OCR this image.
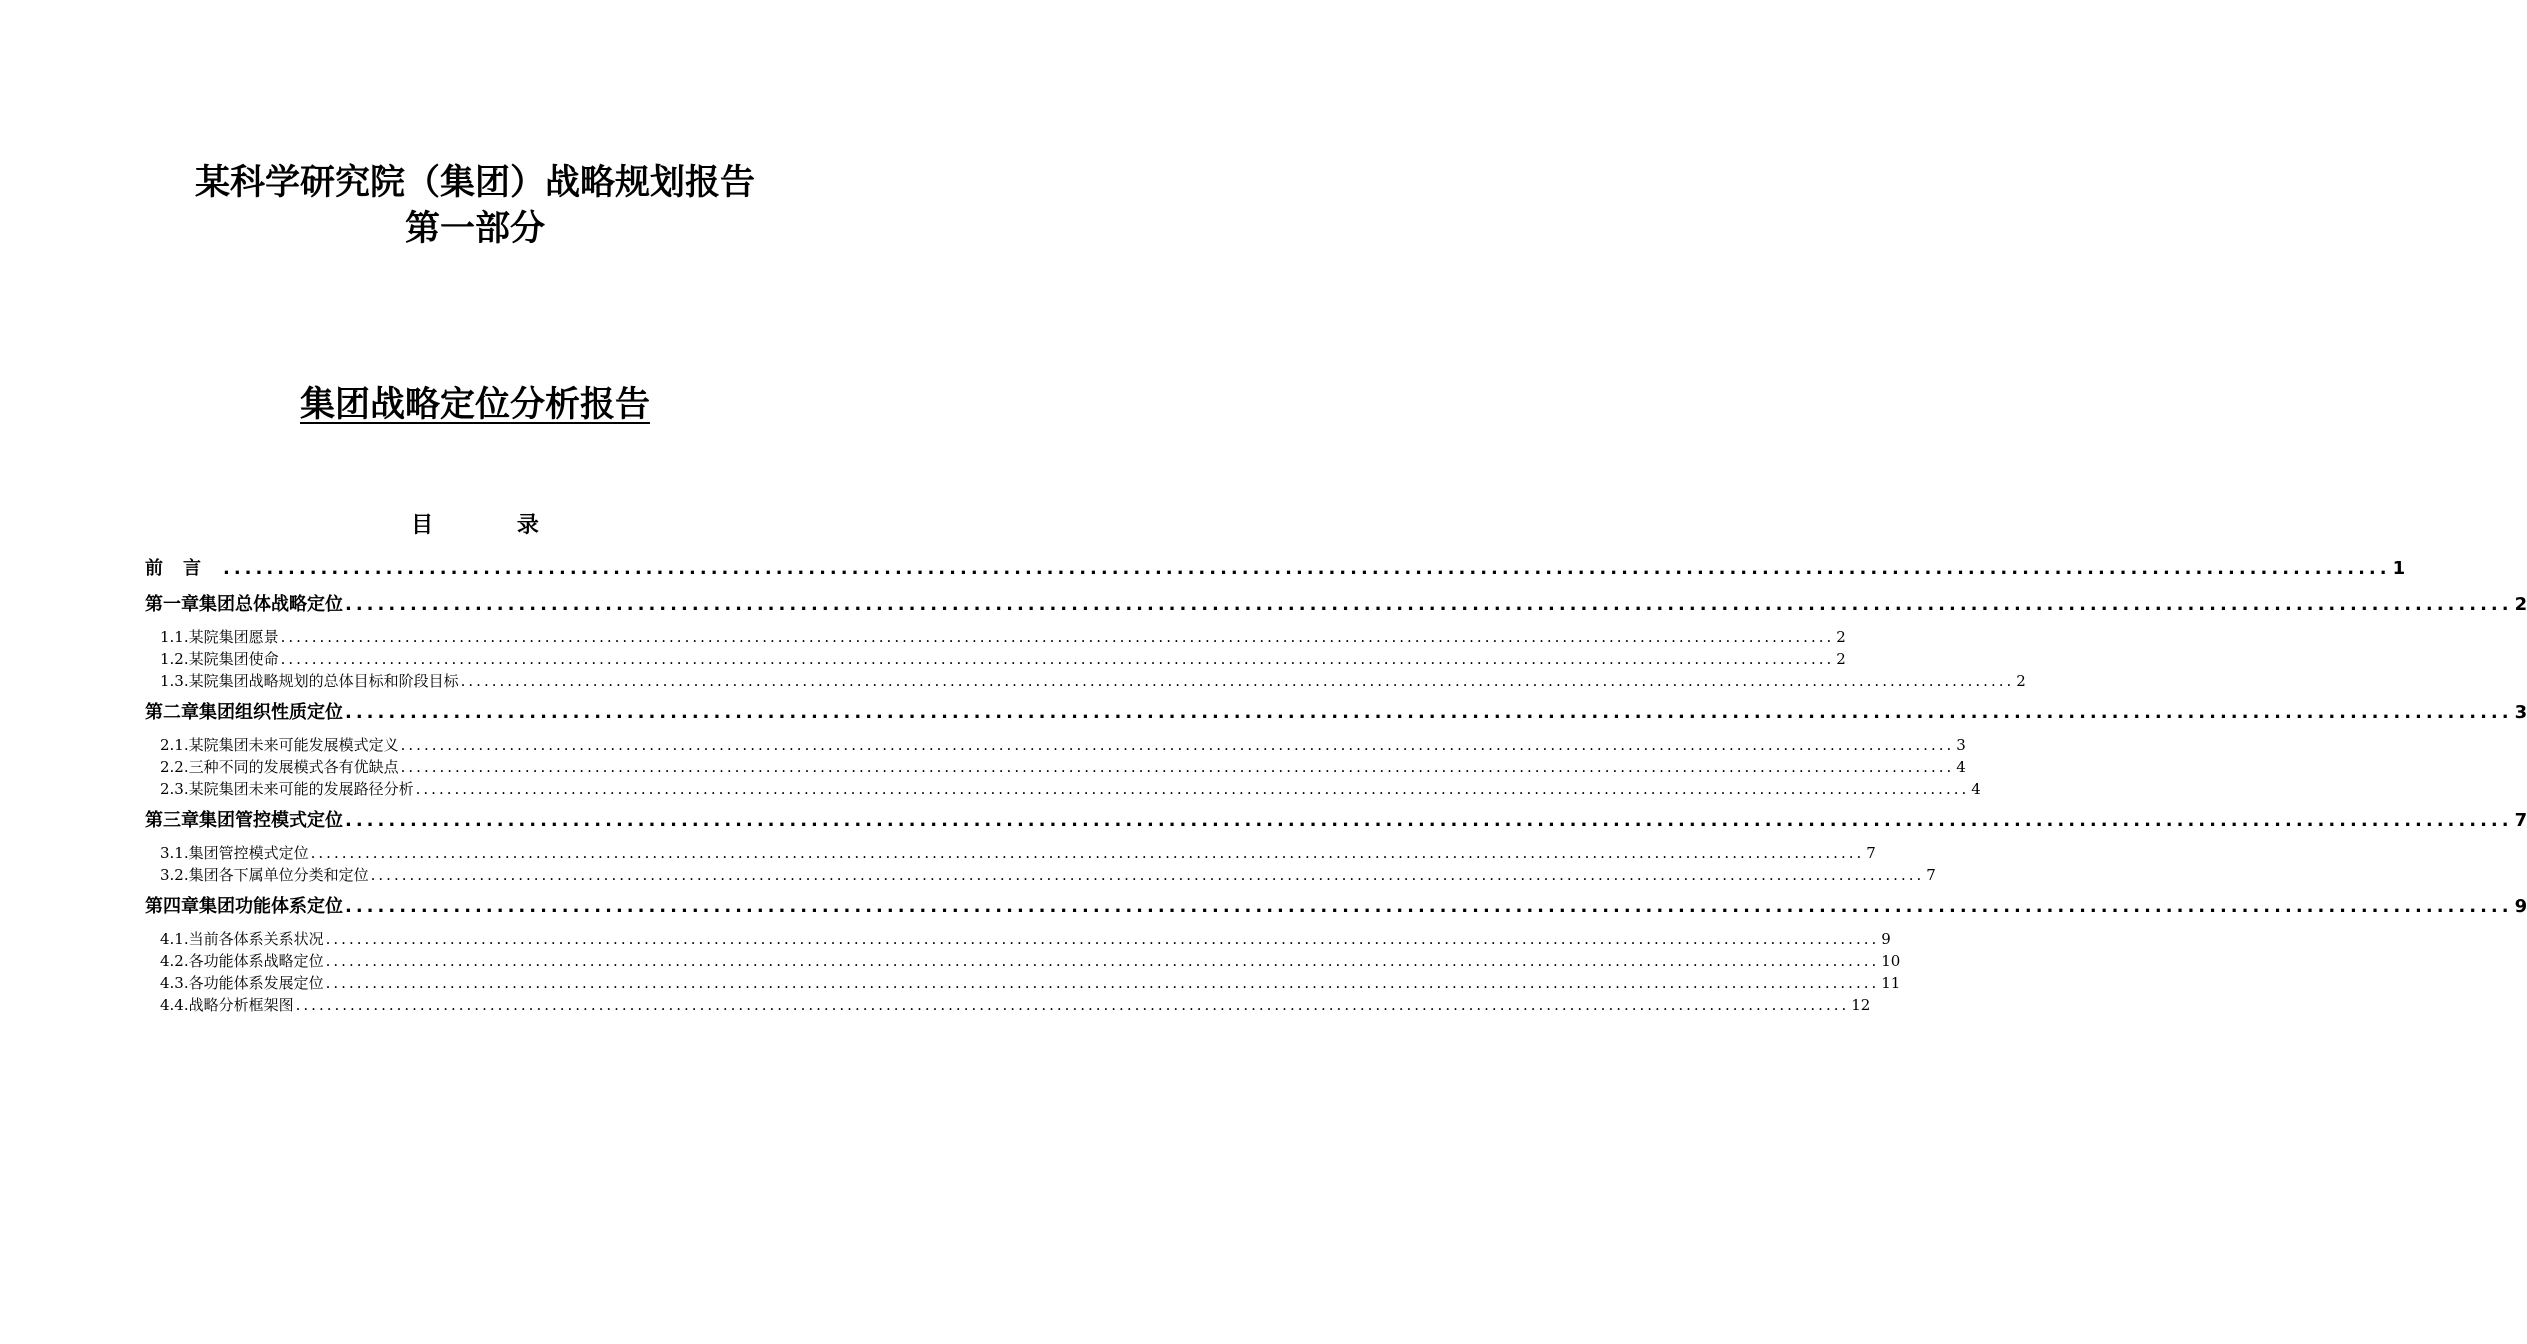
某科学研究院（集团）战略规划报告
第一部分
集团战略定位分析报告
目 录
前言 ........................................................................................................................................................................................................ 1
第一章 集团总体战略定位 ........................................................................................................................................................................................................ 2
1.1. 某院集团愿景 ........................................................................................................................................................................................................ 2
1.2. 某院集团使命 ........................................................................................................................................................................................................ 2
1.3. 某院集团战略规划的总体目标和阶段目标 ........................................................................................................................................................................................................ 2
第二章 集团组织性质定位 ........................................................................................................................................................................................................ 3
2.1. 某院集团未来可能发展模式定义 ........................................................................................................................................................................................................ 3
2.2. 三种不同的发展模式各有优缺点 ........................................................................................................................................................................................................ 4
2.3. 某院集团未来可能的发展路径分析 ........................................................................................................................................................................................................ 4
第三章 集团管控模式定位 ........................................................................................................................................................................................................ 7
3.1. 集团管控模式定位 ........................................................................................................................................................................................................ 7
3.2. 集团各下属单位分类和定位 ........................................................................................................................................................................................................ 7
第四章 集团功能体系定位 ........................................................................................................................................................................................................ 9
4.1. 当前各体系关系状况 ........................................................................................................................................................................................................ 9
4.2. 各功能体系战略定位 ........................................................................................................................................................................................................ 10
4.3. 各功能体系发展定位 ........................................................................................................................................................................................................ 11
4.4. 战略分析框架图 ........................................................................................................................................................................................................ 12
